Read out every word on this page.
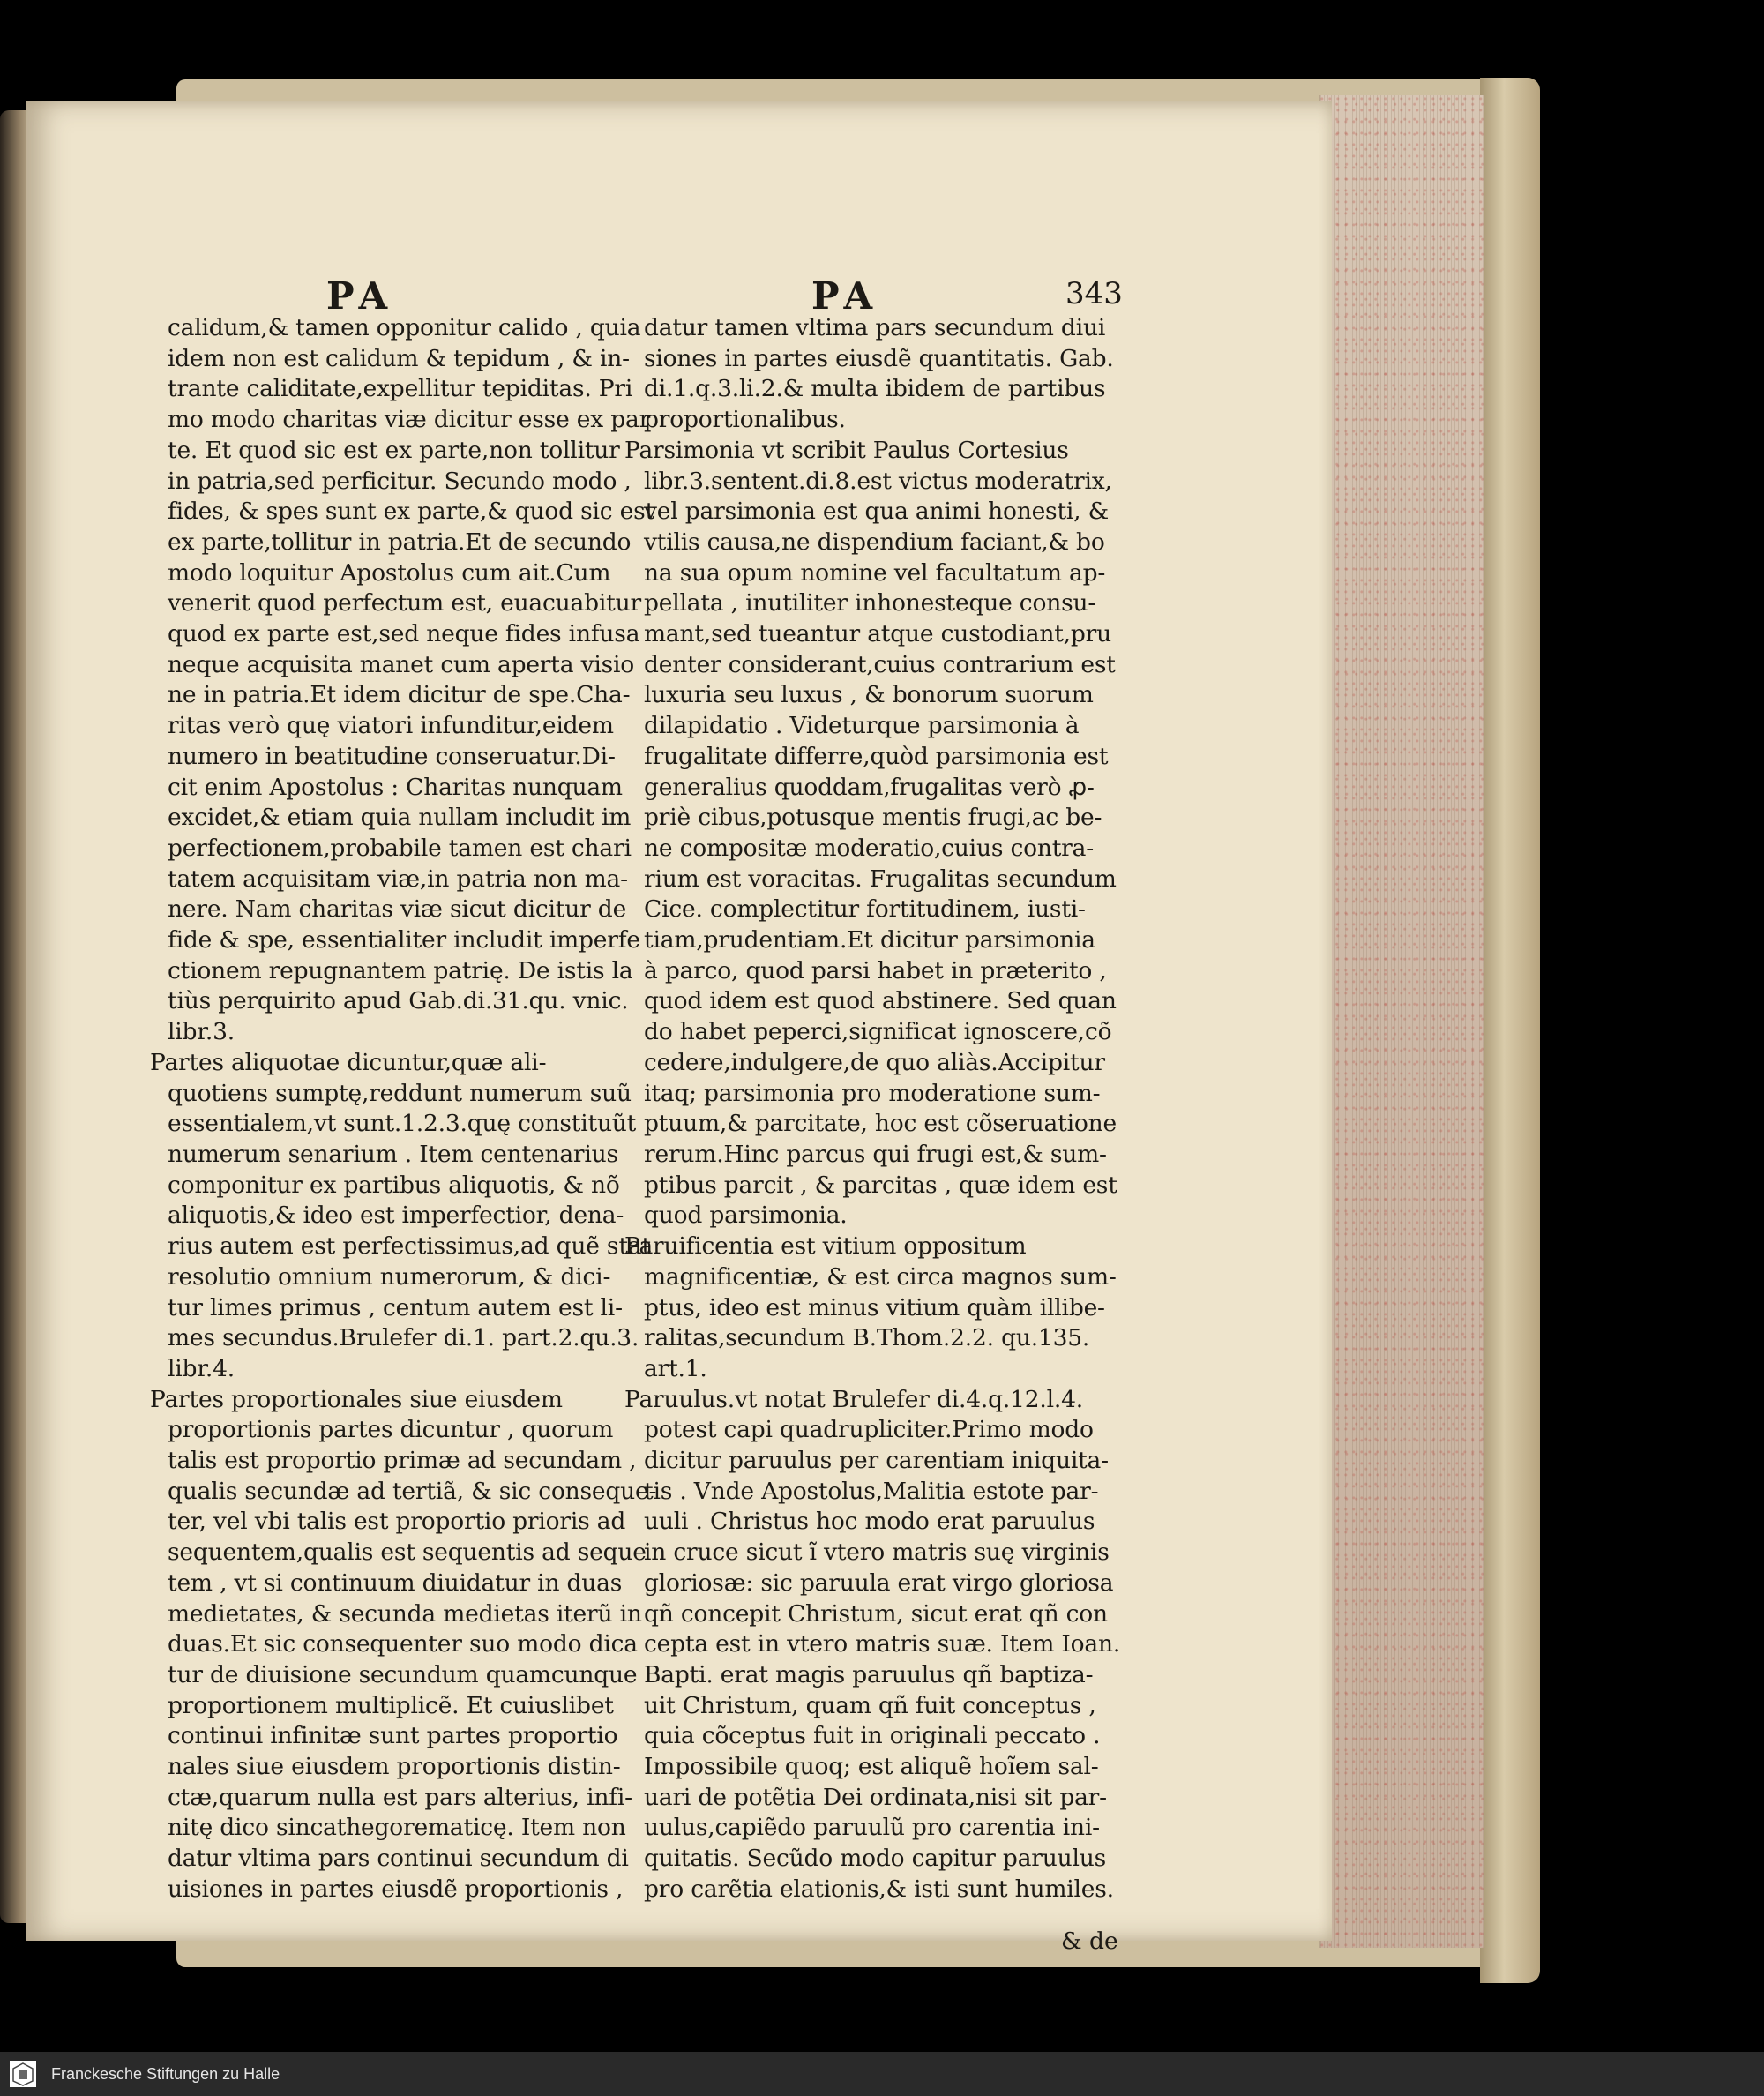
PA	PA	343
calidum,& tamen opponitur calido , quia
idem non est calidum & tepidum , & in-
trante caliditate,expellitur tepiditas. Pri
mo modo charitas viæ dicitur esse ex par
te. Et quod sic est ex parte,non tollitur
in patria,sed perficitur. Secundo modo ,
fides, & spes sunt ex parte,& quod sic est
ex parte,tollitur in patria.Et de secundo
modo loquitur Apostolus cum ait.Cum
venerit quod perfectum est, euacuabitur
quod ex parte est,sed neque fides infusa
neque acquisita manet cum aperta visio
ne in patria.Et idem dicitur de spe.Cha-
ritas verò quę viatori infunditur,eidem
numero in beatitudine conseruatur.Di-
cit enim Apostolus : Charitas nunquam
excidet,& etiam quia nullam includit im
perfectionem,probabile tamen est chari
tatem acquisitam viæ,in patria non ma-
nere. Nam charitas viæ sicut dicitur de
fide & spe, essentialiter includit imperfe
ctionem repugnantem patrię. De istis la
tiùs perquirito apud Gab.di.31.qu. vnic.
libr.3.
Partes aliquotae dicuntur,quæ ali-
quotiens sumptę,reddunt numerum suũ
essentialem,vt sunt.1.2.3.quę constituũt
numerum senarium . Item centenarius
componitur ex partibus aliquotis, & nõ
aliquotis,& ideo est imperfectior, dena-
rius autem est perfectissimus,ad quẽ stat
resolutio omnium numerorum, & dici-
tur limes primus , centum autem est li-
mes secundus.Brulefer di.1. part.2.qu.3.
libr.4.
Partes proportionales siue eiusdem
proportionis partes dicuntur , quorum
talis est proportio primæ ad secundam ,
qualis secundæ ad tertiã, & sic conseque-
ter, vel vbi talis est proportio prioris ad
sequentem,qualis est sequentis ad seque
tem , vt si continuum diuidatur in duas
medietates, & secunda medietas iterũ in
duas.Et sic consequenter suo modo dica
tur de diuisione secundum quamcunque
proportionem multiplicẽ. Et cuiuslibet
continui infinitæ sunt partes proportio
nales siue eiusdem proportionis distin-
ctæ,quarum nulla est pars alterius, infi-
nitę dico sincathegorematicę. Item non
datur vltima pars continui secundum di
uisiones in partes eiusdẽ proportionis ,
datur tamen vltima pars secundum diui
siones in partes eiusdẽ quantitatis. Gab.
di.1.q.3.li.2.& multa ibidem de partibus
proportionalibus.
Parsimonia vt scribit Paulus Cortesius
libr.3.sentent.di.8.est victus moderatrix,
vel parsimonia est qua animi honesti, &
vtilis causa,ne dispendium faciant,& bo
na sua opum nomine vel facultatum ap-
pellata , inutiliter inhonesteque consu-
mant,sed tueantur atque custodiant,pru
denter considerant,cuius contrarium est
luxuria seu luxus , & bonorum suorum
dilapidatio . Videturque parsimonia à
frugalitate differre,quòd parsimonia est
generalius quoddam,frugalitas verò ꝓ-
priè cibus,potusque mentis frugi,ac be-
ne compositæ moderatio,cuius contra-
rium est voracitas. Frugalitas secundum
Cice. complectitur fortitudinem, iusti-
tiam,prudentiam.Et dicitur parsimonia
à parco, quod parsi habet in præterito ,
quod idem est quod abstinere. Sed quan
do habet peperci,significat ignoscere,cõ
cedere,indulgere,de quo aliàs.Accipitur
itaq; parsimonia pro moderatione sum-
ptuum,& parcitate, hoc est cõseruatione
rerum.Hinc parcus qui frugi est,& sum-
ptibus parcit , & parcitas , quæ idem est
quod parsimonia.
Paruificentia est vitium oppositum
magnificentiæ, & est circa magnos sum-
ptus, ideo est minus vitium quàm illibe-
ralitas,secundum B.Thom.2.2. qu.135.
art.1.
Paruulus.vt notat Brulefer di.4.q.12.l.4.
potest capi quadrupliciter.Primo modo
dicitur paruulus per carentiam iniquita-
tis . Vnde Apostolus,Malitia estote par-
uuli . Christus hoc modo erat paruulus
in cruce sicut ĩ vtero matris suę virginis
gloriosæ: sic paruula erat virgo gloriosa
qñ concepit Christum, sicut erat qñ con
cepta est in vtero matris suæ. Item Ioan.
Bapti. erat magis paruulus qñ baptiza-
uit Christum, quam qñ fuit conceptus ,
quia cõceptus fuit in originali peccato .
Impossibile quoq; est aliquẽ hoĩem sal-
uari de potẽtia Dei ordinata,nisi sit par-
uulus,capiẽdo paruulũ pro carentia ini-
quitatis. Secũdo modo capitur paruulus
pro carẽtia elationis,& isti sunt humiles.
& de
Franckesche Stiftungen zu Halle
